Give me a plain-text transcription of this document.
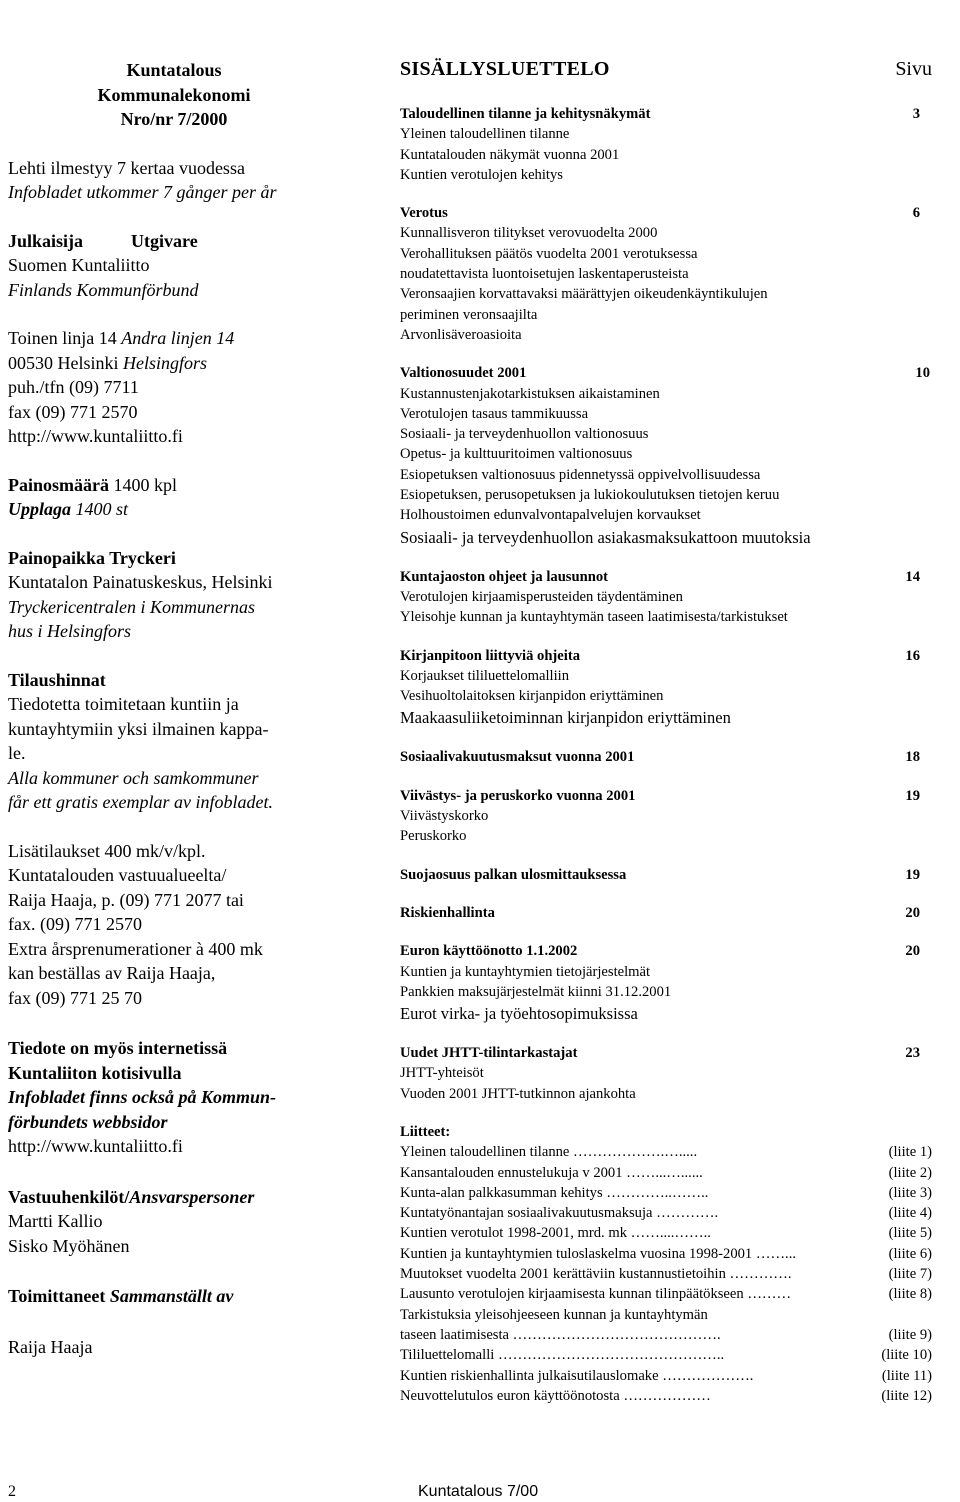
Kuntatalous
Kommunalekonomi
Nro/nr 7/2000
Lehti ilmestyy 7 kertaa vuodessa
Infobladet utkommer 7 gånger per år
Julkaisija	Utgivare
Suomen Kuntaliitto
Finlands Kommunförbund
Toinen linja 14 Andra linjen 14
00530 Helsinki Helsingfors
puh./tfn (09) 7711
fax (09) 771 2570
http://www.kuntaliitto.fi
Painosmäärä 1400 kpl
Upplaga 1400 st
Painopaikka Tryckeri
Kuntatalon Painatuskeskus, Helsinki
Tryckericentralen i Kommunernas
hus i Helsingfors
Tilaushinnat
Tiedotetta toimitetaan kuntiin ja
kuntayhtymiin yksi ilmainen kappa-
le.
Alla kommuner och samkommuner
får ett gratis exemplar av infobladet.
Lisätilaukset 400 mk/v/kpl.
Kuntatalouden vastuualueelta/
Raija Haaja, p. (09) 771 2077 tai
fax. (09) 771 2570
Extra årsprenumerationer à 400 mk
kan beställas av Raija Haaja,
fax (09) 771 25 70
Tiedote on myös internetissä
Kuntaliiton kotisivulla
Infobladet finns också på Kommun-
förbundets webbsidor
http://www.kuntaliitto.fi
Vastuuhenkilöt/Ansvarspersoner
Martti Kallio
Sisko Myöhänen
Toimittaneet Sammanställt av
Raija Haaja
SISÄLLYSLUETTELO	Sivu
Taloudellinen tilanne ja kehitysnäkymät	3
Yleinen taloudellinen tilanne
Kuntatalouden näkymät vuonna 2001
Kuntien verotulojen kehitys
Verotus	6
Kunnallisveron tilitykset verovuodelta 2000
Verohallituksen päätös vuodelta 2001 verotuksessa
noudatettavista luontoisetujen laskentaperusteista
Veronsaajien korvattavaksi määrättyjen oikeudenkäyntikulujen
periminen veronsaajilta
Arvonlisäveroasioita
Valtionosuudet 2001	10
Kustannustenjakotarkistuksen aikaistaminen
Verotulojen tasaus tammikuussa
Sosiaali- ja terveydenhuollon valtionosuus
Opetus- ja kulttuuritoimen valtionosuus
Esiopetuksen valtionosuus pidennetyssä oppivelvollisuudessa
Esiopetuksen, perusopetuksen ja lukiokoulutuksen tietojen keruu
Holhoustoimen edunvalvontapalvelujen korvaukset
Sosiaali- ja terveydenhuollon asiakasmaksukattoon muutoksia
Kuntajaoston ohjeet ja lausunnot	14
Verotulojen kirjaamisperusteiden täydentäminen
Yleisohje kunnan ja kuntayhtymän taseen laatimisesta/tarkistukset
Kirjanpitoon liittyviä ohjeita	16
Korjaukset tililuettelomalliin
Vesihuoltolaitoksen kirjanpidon eriyttäminen
Maakaasuliiketoiminnan kirjanpidon eriyttäminen
Sosiaalivakuutusmaksut vuonna 2001	18
Viivästys- ja peruskorko vuonna 2001	19
Viivästyskorko
Peruskorko
Suojaosuus palkan ulosmittauksessa	19
Riskienhallinta	20
Euron käyttöönotto 1.1.2002	20
Kuntien ja kuntayhtymien tietojärjestelmät
Pankkien maksujärjestelmät kiinni 31.12.2001
Eurot virka- ja työehtosopimuksissa
Uudet JHTT-tilintarkastajat	23
JHTT-yhteisöt
Vuoden 2001 JHTT-tutkinnon ajankohta
Liitteet:
Yleinen taloudellinen tilanne ……………….….....	(liite 1)
Kansantalouden ennustelukuja v 2001 ……...…......	(liite 2)
Kunta-alan palkkasumman kehitys …………..……..	(liite 3)
Kuntatyönantajan sosiaalivakuutusmaksuja ………….	(liite 4)
Kuntien verotulot 1998-2001, mrd. mk ……....……..	(liite 5)
Kuntien ja kuntayhtymien tuloslaskelma vuosina 1998-2001 ……...	(liite 6)
Muutokset vuodelta 2001 kerättäviin kustannustietoihin ………….	(liite 7)
Lausunto verotulojen kirjaamisesta kunnan tilinpäätökseen ………	(liite 8)
Tarkistuksia yleisohjeeseen kunnan ja kuntayhtymän
taseen laatimisesta …………………………………….	(liite 9)
Tililuettelomalli ………………………………………..	(liite 10)
Kuntien riskienhallinta julkaisutilauslomake ……………….	(liite 11)
Neuvottelutulos euron käyttöönotosta ………………	(liite 12)
2	Kuntatalous 7/00
